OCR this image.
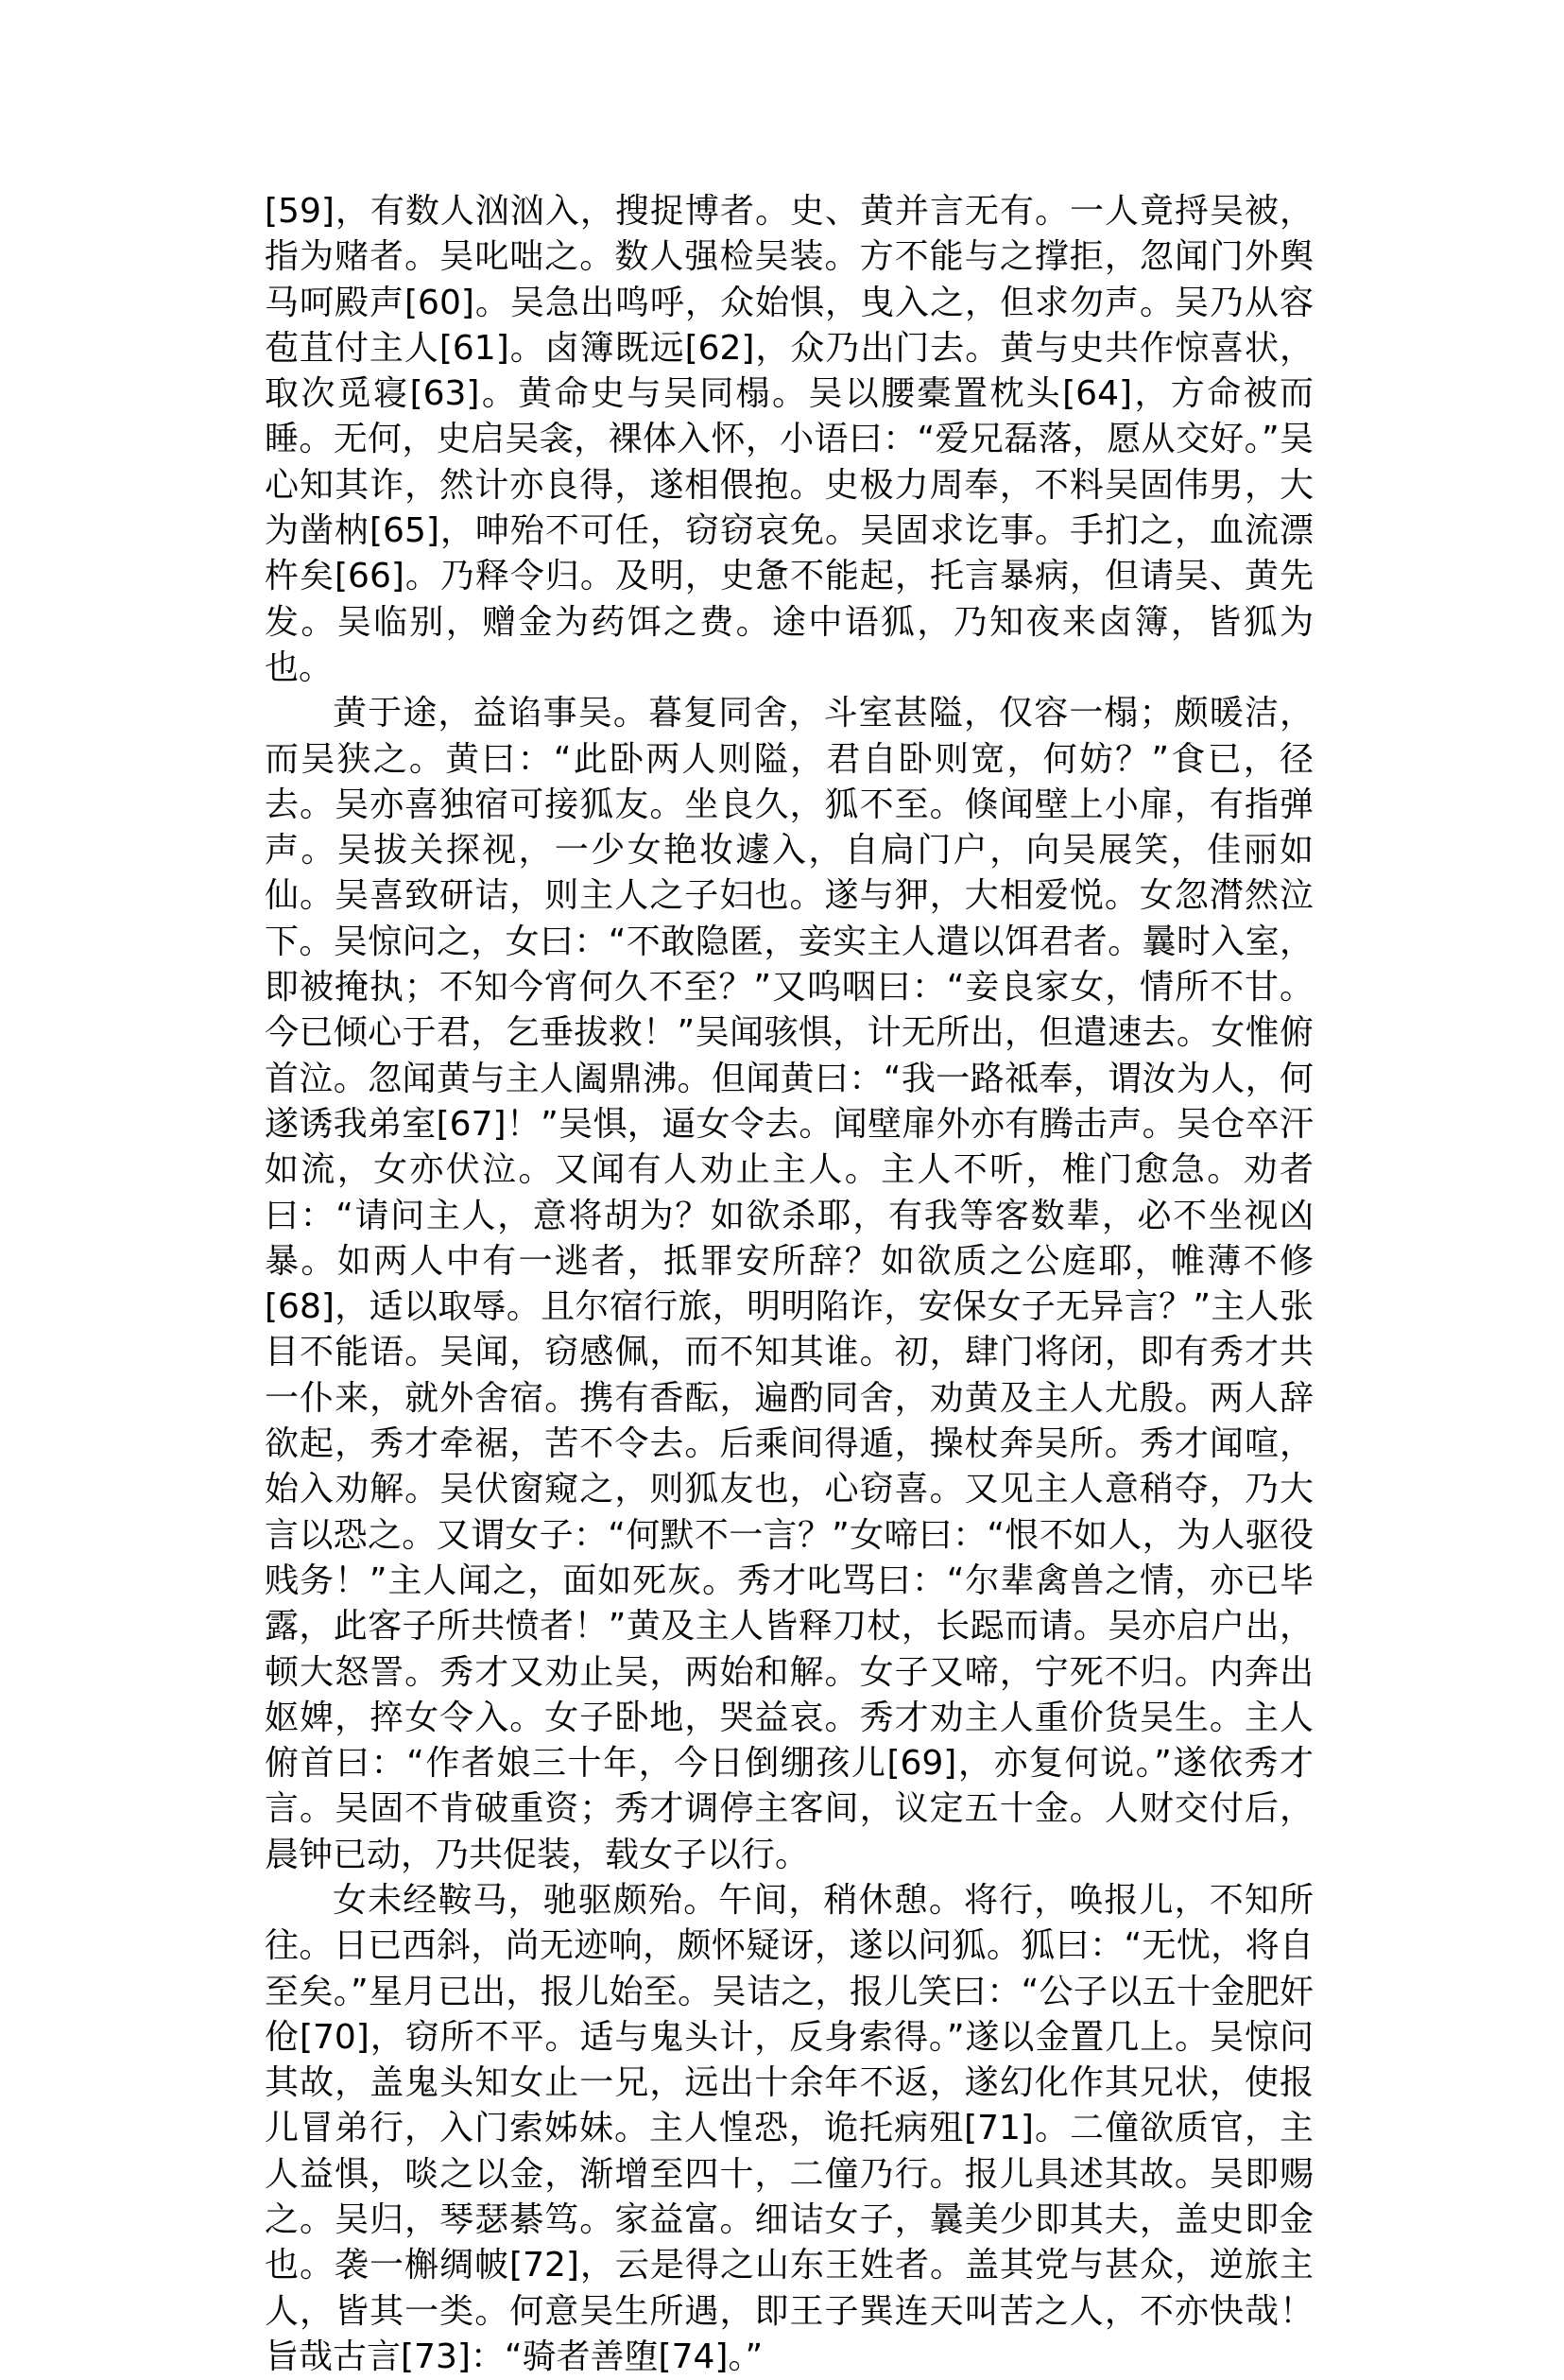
[59]，有数人汹汹入，搜捉博者。史、黄并言无有。一人竟捋吴被，指为赌者。吴叱咄之。数人强检吴装。方不能与之撑拒，忽闻门外舆马呵殿声[60]。吴急出鸣呼，众始惧，曳入之，但求勿声。吴乃从容苞苴付主人[61]。卤簿既远[62]，众乃出门去。黄与史共作惊喜状，取次觅寝[63]。黄命史与吴同榻。吴以腰橐置枕头[64]，方命被而睡。无何，史启吴衾，裸体入怀，小语曰：“爱兄磊落，愿从交好。”吴心知其诈，然计亦良得，遂相偎抱。史极力周奉，不料吴固伟男，大为凿枘[65]，呻殆不可任，窃窃哀免。吴固求讫事。手扪之，血流漂杵矣[66]。乃释令归。及明，史惫不能起，托言暴病，但请吴、黄先发。吴临别，赠金为药饵之费。途中语狐，乃知夜来卤簿，皆狐为也。

黄于途，益谄事吴。暮复同舍，斗室甚隘，仅容一榻；颇暖洁，而吴狭之。黄曰：“此卧两人则隘，君自卧则宽，何妨？”食已，径去。吴亦喜独宿可接狐友。坐良久，狐不至。倏闻壁上小扉，有指弹声。吴拔关探视，一少女艳妆遽入，自扃门户，向吴展笑，佳丽如仙。吴喜致研诘，则主人之子妇也。遂与狎，大相爱悦。女忽潸然泣下。吴惊问之，女曰：“不敢隐匿，妾实主人遣以饵君者。曩时入室，即被掩执；不知今宵何久不至？”又呜咽曰：“妾良家女，情所不甘。今已倾心于君，乞垂拔救！”吴闻骇惧，计无所出，但遣速去。女惟俯首泣。忽闻黄与主人阖鼎沸。但闻黄曰：“我一路祗奉，谓汝为人，何遂诱我弟室[67]！”吴惧，逼女令去。闻壁扉外亦有腾击声。吴仓卒汗如流，女亦伏泣。又闻有人劝止主人。主人不听，椎门愈急。劝者曰：“请问主人，意将胡为？如欲杀耶，有我等客数辈，必不坐视凶暴。如两人中有一逃者，抵罪安所辞？如欲质之公庭耶，帷薄不修[68]，适以取辱。且尔宿行旅，明明陷诈，安保女子无异言？”主人张目不能语。吴闻，窃感佩，而不知其谁。初，肆门将闭，即有秀才共一仆来，就外舍宿。携有香酝，遍酌同舍，劝黄及主人尤殷。两人辞欲起，秀才牵裾，苦不令去。后乘间得遁，操杖奔吴所。秀才闻喧，始入劝解。吴伏窗窥之，则狐友也，心窃喜。又见主人意稍夺，乃大言以恐之。又谓女子：“何默不一言？”女啼曰：“恨不如人，为人驱役贱务！”主人闻之，面如死灰。秀才叱骂曰：“尔辈禽兽之情，亦已毕露，此客子所共愤者！”黄及主人皆释刀杖，长跽而请。吴亦启户出，顿大怒詈。秀才又劝止吴，两始和解。女子又啼，宁死不归。内奔出妪婢，捽女令入。女子卧地，哭益哀。秀才劝主人重价货吴生。主人俯首曰：“作者娘三十年，今日倒绷孩儿[69]，亦复何说。”遂依秀才言。吴固不肯破重资；秀才调停主客间，议定五十金。人财交付后，晨钟已动，乃共促装，载女子以行。

女未经鞍马，驰驱颇殆。午间，稍休憩。将行，唤报儿，不知所往。日已西斜，尚无迹响，颇怀疑讶，遂以问狐。狐曰：“无忧，将自至矣。”星月已出，报儿始至。吴诘之，报儿笑曰：“公子以五十金肥奸伧[70]，窃所不平。适与鬼头计，反身索得。”遂以金置几上。吴惊问其故，盖鬼头知女止一兄，远出十余年不返，遂幻化作其兄状，使报儿冒弟行，入门索姊妹。主人惶恐，诡托病殂[71]。二僮欲质官，主人益惧，啖之以金，渐增至四十，二僮乃行。报儿具述其故。吴即赐之。吴归，琴瑟綦笃。家益富。细诘女子，曩美少即其夫，盖史即金也。袭一槲绸帔[72]，云是得之山东王姓者。盖其党与甚众，逆旅主人，皆其一类。何意吴生所遇，即王子巽连天叫苦之人，不亦快哉！旨哉古言[73]：“骑者善堕[74]。”
